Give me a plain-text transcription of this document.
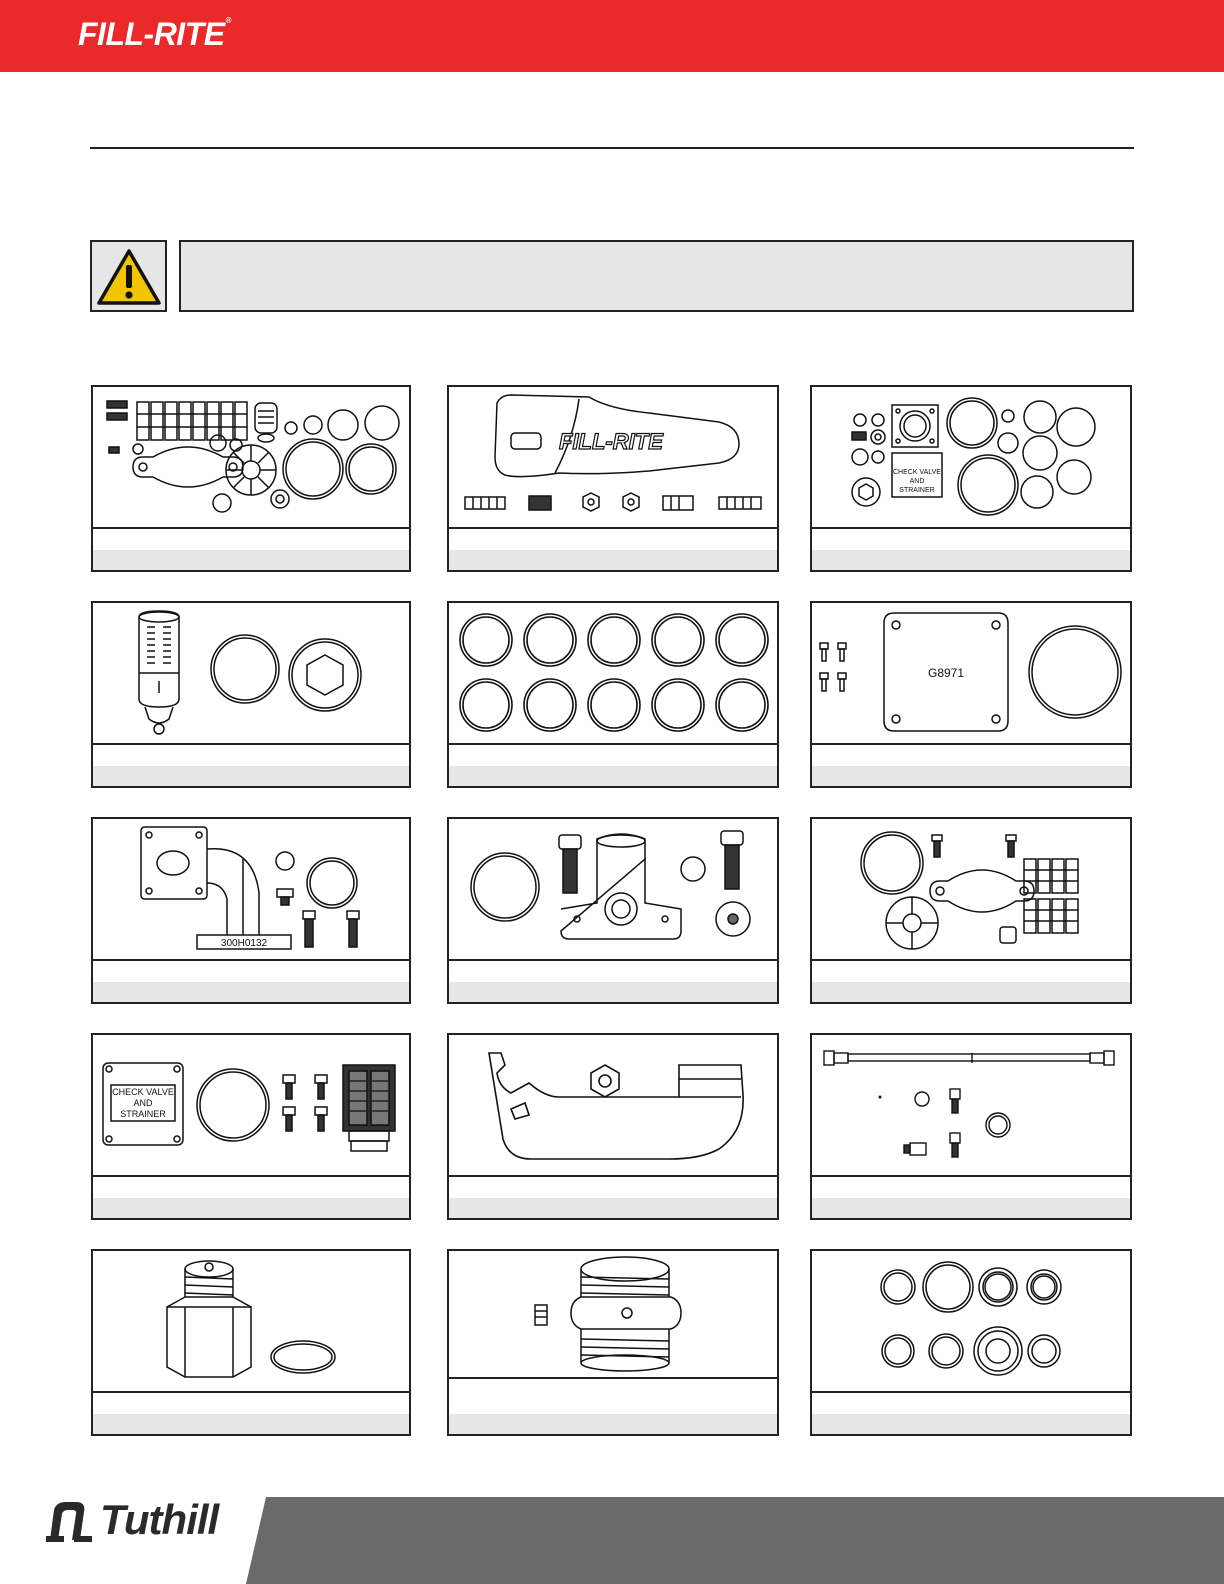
FILL-RITE®
FILL-RITE
CHECK VALVE
AND
STRAINER
G8971
300H0132
CHECK VALVE
AND
STRAINER
Tuthill
